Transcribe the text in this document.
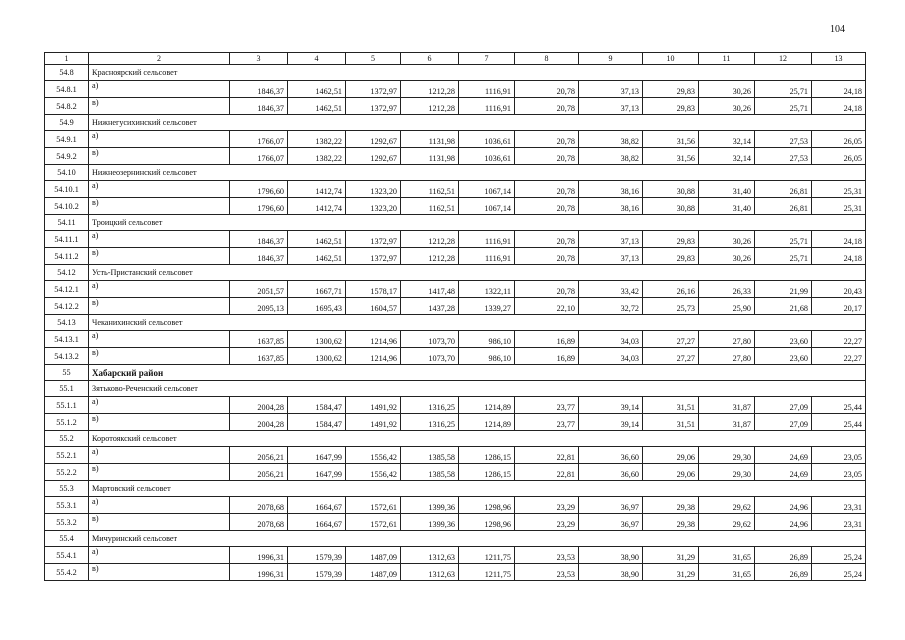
104
1	2	3	4	5	6	7	8	9	10	11	12	13
54.8	Красноярский сельсовет											
54.8.1	а)	1846,37	1462,51	1372,97	1212,28	1116,91	20,78	37,13	29,83	30,26	25,71	24,18
54.8.2	в)	1846,37	1462,51	1372,97	1212,28	1116,91	20,78	37,13	29,83	30,26	25,71	24,18
54.9	Нижнегусихинский сельсовет											
54.9.1	а)	1766,07	1382,22	1292,67	1131,98	1036,61	20,78	38,82	31,56	32,14	27,53	26,05
54.9.2	в)	1766,07	1382,22	1292,67	1131,98	1036,61	20,78	38,82	31,56	32,14	27,53	26,05
54.10	Нижнеозернинский сельсовет											
54.10.1	а)	1796,60	1412,74	1323,20	1162,51	1067,14	20,78	38,16	30,88	31,40	26,81	25,31
54.10.2	в)	1796,60	1412,74	1323,20	1162,51	1067,14	20,78	38,16	30,88	31,40	26,81	25,31
54.11	Троицкий сельсовет											
54.11.1	а)	1846,37	1462,51	1372,97	1212,28	1116,91	20,78	37,13	29,83	30,26	25,71	24,18
54.11.2	в)	1846,37	1462,51	1372,97	1212,28	1116,91	20,78	37,13	29,83	30,26	25,71	24,18
54.12	Усть-Пристанский сельсовет											
54.12.1	а)	2051,57	1667,71	1578,17	1417,48	1322,11	20,78	33,42	26,16	26,33	21,99	20,43
54.12.2	в)	2095,13	1695,43	1604,57	1437,28	1339,27	22,10	32,72	25,73	25,90	21,68	20,17
54.13	Чеканихинский сельсовет											
54.13.1	а)	1637,85	1300,62	1214,96	1073,70	986,10	16,89	34,03	27,27	27,80	23,60	22,27
54.13.2	в)	1637,85	1300,62	1214,96	1073,70	986,10	16,89	34,03	27,27	27,80	23,60	22,27
55	Хабарский район											
55.1	Зятьково-Реченский сельсовет											
55.1.1	а)	2004,28	1584,47	1491,92	1316,25	1214,89	23,77	39,14	31,51	31,87	27,09	25,44
55.1.2	в)	2004,28	1584,47	1491,92	1316,25	1214,89	23,77	39,14	31,51	31,87	27,09	25,44
55.2	Коротоякский сельсовет											
55.2.1	а)	2056,21	1647,99	1556,42	1385,58	1286,15	22,81	36,60	29,06	29,30	24,69	23,05
55.2.2	в)	2056,21	1647,99	1556,42	1385,58	1286,15	22,81	36,60	29,06	29,30	24,69	23,05
55.3	Мартовский сельсовет											
55.3.1	а)	2078,68	1664,67	1572,61	1399,36	1298,96	23,29	36,97	29,38	29,62	24,96	23,31
55.3.2	в)	2078,68	1664,67	1572,61	1399,36	1298,96	23,29	36,97	29,38	29,62	24,96	23,31
55.4	Мичуринский сельсовет											
55.4.1	а)	1996,31	1579,39	1487,09	1312,63	1211,75	23,53	38,90	31,29	31,65	26,89	25,24
55.4.2	в)	1996,31	1579,39	1487,09	1312,63	1211,75	23,53	38,90	31,29	31,65	26,89	25,24
